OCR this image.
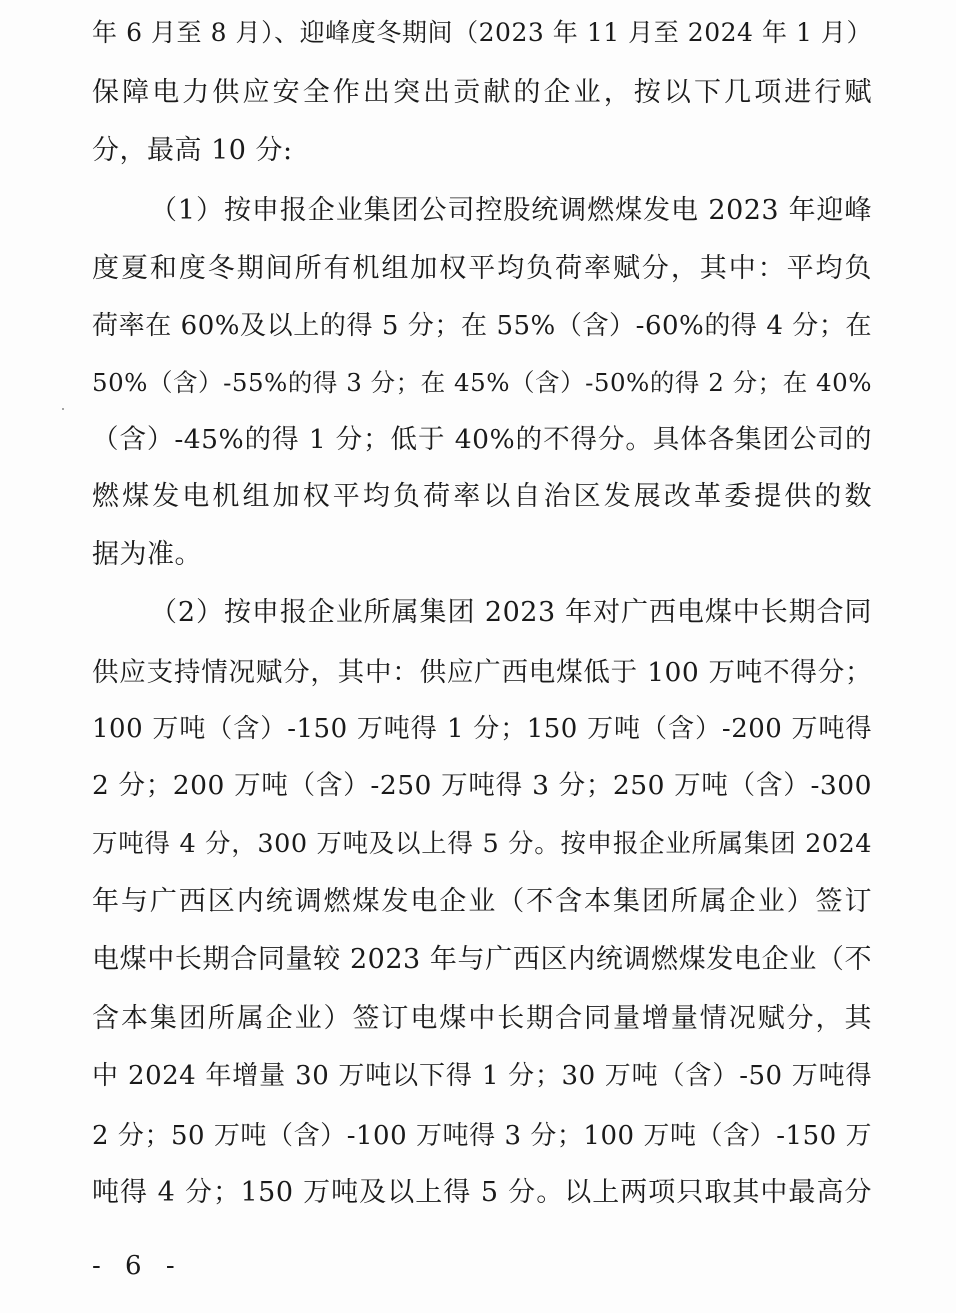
年 6 月至 8 月）、迎峰度冬期间（2023 年 11 月至 2024 年 1 月）
保障电力供应安全作出突出贡献的企业，按以下几项进行赋
分，最高 10 分:
（1）按申报企业集团公司控股统调燃煤发电 2023 年迎峰
度夏和度冬期间所有机组加权平均负荷率赋分，其中：平均负
荷率在 60%及以上的得 5 分；在 55%（含）-60%的得 4 分；在
50%（含）-55%的得 3 分；在 45%（含）-50%的得 2 分；在 40%
（含）-45%的得 1 分；低于 40%的不得分。具体各集团公司的
燃煤发电机组加权平均负荷率以自治区发展改革委提供的数
据为准。
（2）按申报企业所属集团 2023 年对广西电煤中长期合同
供应支持情况赋分，其中：供应广西电煤低于 100 万吨不得分；
100 万吨（含）-150 万吨得 1 分；150 万吨（含）-200 万吨得
2 分；200 万吨（含）-250 万吨得 3 分；250 万吨（含）-300
万吨得 4 分，300 万吨及以上得 5 分。按申报企业所属集团 2024
年与广西区内统调燃煤发电企业（不含本集团所属企业）签订
电煤中长期合同量较 2023 年与广西区内统调燃煤发电企业（不
含本集团所属企业）签订电煤中长期合同量增量情况赋分，其
中 2024 年增量 30 万吨以下得 1 分；30 万吨（含）-50 万吨得
2 分；50 万吨（含）-100 万吨得 3 分；100 万吨（含）-150 万
吨得 4 分；150 万吨及以上得 5 分。以上两项只取其中最高分
- 6 -
